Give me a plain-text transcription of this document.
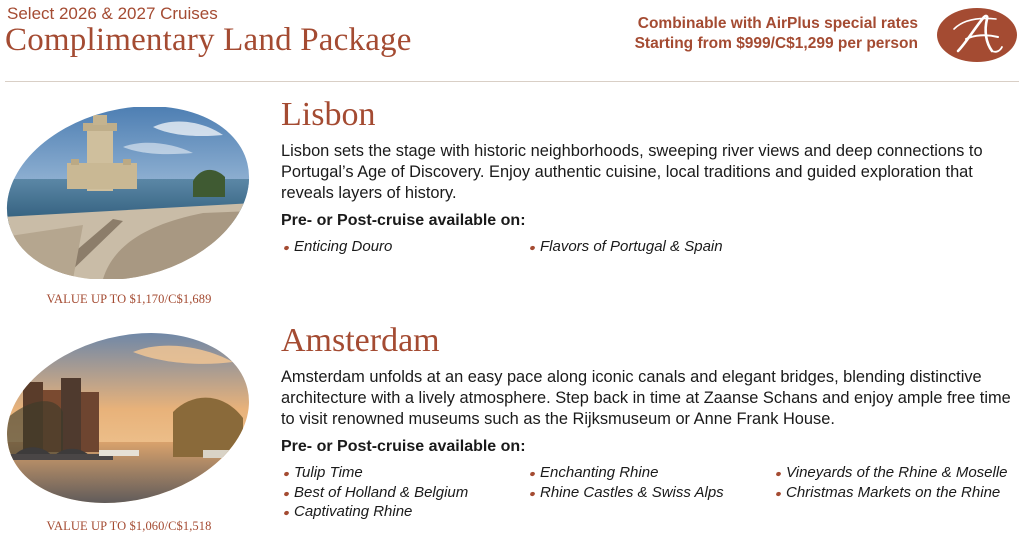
Select 2026 & 2027 Cruises
Complimentary Land Package	Combinable with AirPlus special rates
Starting from $999/C$1,299 per person
VALUE UP TO $1,170/C$1,689
Lisbon
Lisbon sets the stage with historic neighborhoods, sweeping river views and deep connections to Portugal’s Age of Discovery. Enjoy authentic cuisine, local traditions and guided exploration that reveals layers of history.
Pre- or Post-cruise available on:
Enticing Douro	Flavors of Portugal & Spain
VALUE UP TO $1,060/C$1,518
Amsterdam
Amsterdam unfolds at an easy pace along iconic canals and elegant bridges, blending distinctive architecture with a lively atmosphere. Step back in time at Zaanse Schans and enjoy ample free time to visit renowned museums such as the Rijksmuseum or Anne Frank House.
Pre- or Post-cruise available on:
Tulip Time
Best of Holland & Belgium
Captivating Rhine
Enchanting Rhine
Rhine Castles & Swiss Alps
Vineyards of the Rhine & Moselle
Christmas Markets on the Rhine
